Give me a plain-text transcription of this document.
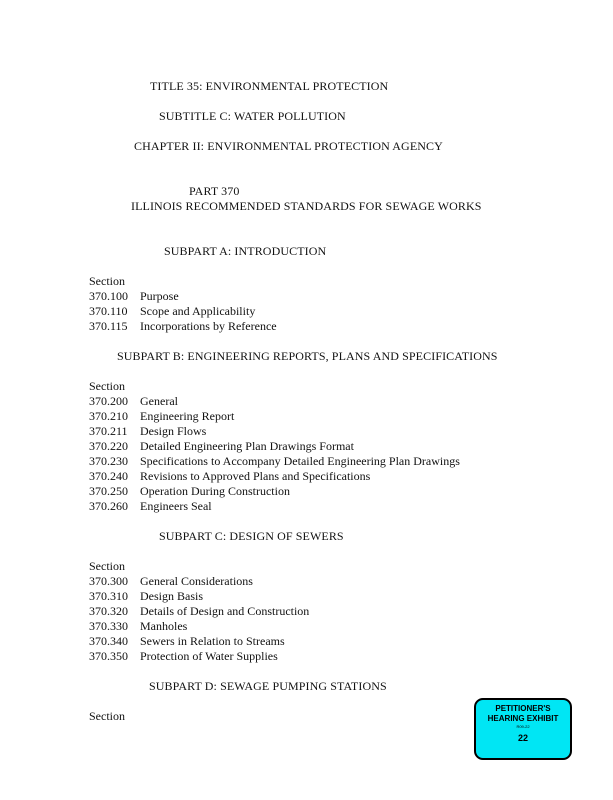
TITLE 35: ENVIRONMENTAL PROTECTION
SUBTITLE C: WATER POLLUTION
CHAPTER II: ENVIRONMENTAL PROTECTION AGENCY
PART 370
ILLINOIS RECOMMENDED STANDARDS FOR SEWAGE WORKS
SUBPART A: INTRODUCTION
Section
370.100 Purpose
370.110 Scope and Applicability
370.115 Incorporations by Reference
SUBPART B: ENGINEERING REPORTS, PLANS AND SPECIFICATIONS
Section
370.200 General
370.210 Engineering Report
370.211 Design Flows
370.220 Detailed Engineering Plan Drawings Format
370.230 Specifications to Accompany Detailed Engineering Plan Drawings
370.240 Revisions to Approved Plans and Specifications
370.250 Operation During Construction
370.260 Engineers Seal
SUBPART C: DESIGN OF SEWERS
Section
370.300 General Considerations
370.310 Design Basis
370.320 Details of Design and Construction
370.330 Manholes
370.340 Sewers in Relation to Streams
370.350 Protection of Water Supplies
SUBPART D: SEWAGE PUMPING STATIONS
Section
PETITIONER'S
HEARING EXHIBIT
R09-22
22
